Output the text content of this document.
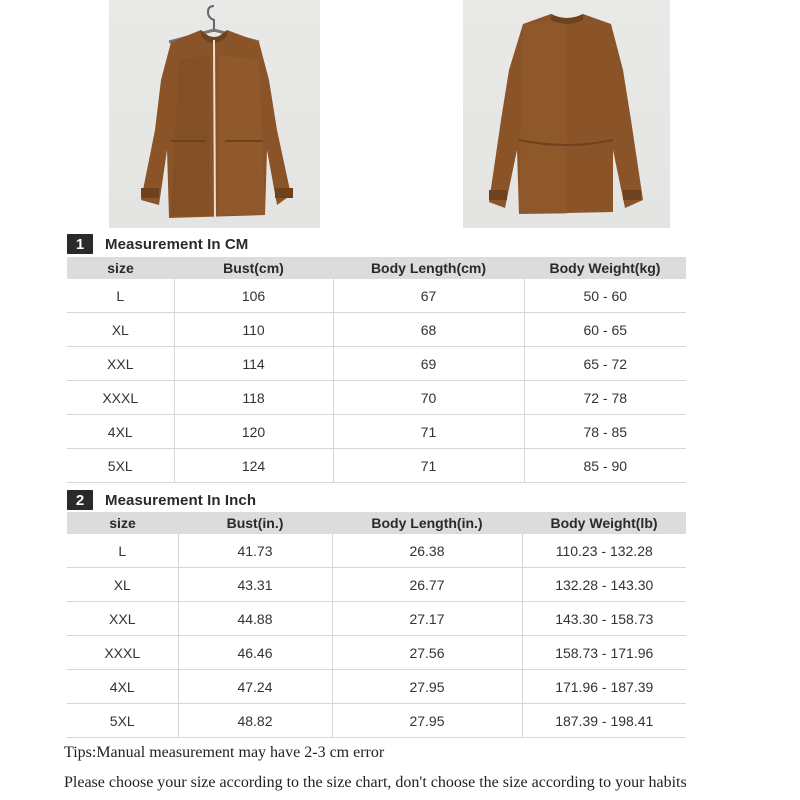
1	Measurement In CM
size	Bust(cm)	Body Length(cm)	Body Weight(kg)
L	106	67	50 - 60
XL	110	68	60 - 65
XXL	114	69	65 - 72
XXXL	118	70	72 - 78
4XL	120	71	78 - 85
5XL	124	71	85 - 90
2	Measurement In Inch
size	Bust(in.)	Body Length(in.)	Body Weight(lb)
L	41.73	26.38	110.23 - 132.28
XL	43.31	26.77	132.28 - 143.30
XXL	44.88	27.17	143.30 - 158.73
XXXL	46.46	27.56	158.73 - 171.96
4XL	47.24	27.95	171.96 - 187.39
5XL	48.82	27.95	187.39 - 198.41
Tips:Manual measurement may have 2-3 cm error
Please choose your size according to the size chart, don't choose the size according to your habits
